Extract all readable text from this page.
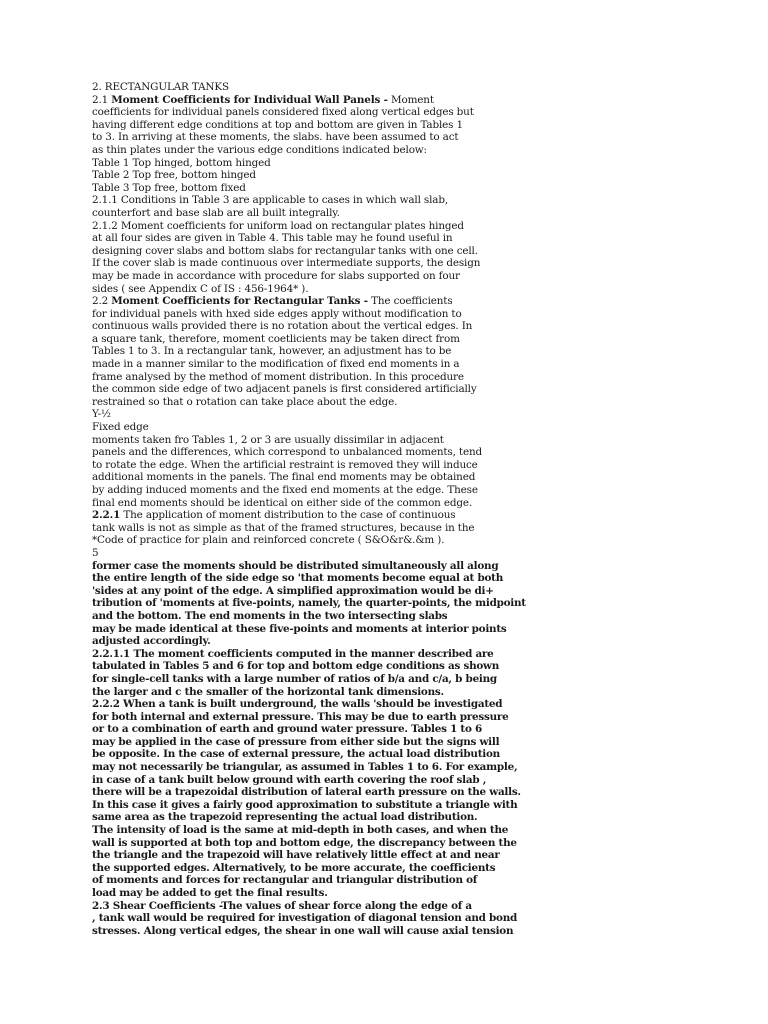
2. RECTANGULAR TANKS
2.1 Moment Coefficients for Individual Wall Panels - Moment
coefficients for individual panels considered fixed along vertical edges but
having different edge conditions at top and bottom are given in Tables 1
to 3. In arriving at these moments, the slabs. have been assumed to act
as thin plates under the various edge conditions indicated below:
Table 1 Top hinged, bottom hinged
Table 2 Top free, bottom hinged
Table 3 Top free, bottom fixed
2.1.1 Conditions in Table 3 are applicable to cases in which wall slab,
counterfort and base slab are all built integrally.
2.1.2 Moment coefficients for uniform load on rectangular plates hinged
at all four sides are given in Table 4. This table may he found useful in
designing cover slabs and bottom slabs for rectangular tanks with one cell.
If the cover slab is made continuous over intermediate supports, the design
may be made in accordance with procedure for slabs supported on four
sides ( see Appendix C of IS : 456-1964* ).
2.2 Moment Coefficients for Rectangular Tanks - The coefficients
for individual panels with hxed side edges apply without modification to
continuous walls provided there is no rotation about the vertical edges. In
a square tank, therefore, moment coetlicients may be taken direct from
Tables 1 to 3. In a rectangular tank, however, an adjustment has to be
made in a manner similar to the modification of fixed end moments in a
frame analysed by the method of moment distribution. In this procedure
the common side edge of two adjacent panels is first considered artificially
restrained so that o rotation can take place about the edge.
Y-½
Fixed edge
moments taken fro Tables 1, 2 or 3 are usually dissimilar in adjacent
panels and the differences, which correspond to unbalanced moments, tend
to rotate the edge. When the artificial restraint is removed they will induce
additional moments in the panels. The final end moments may be obtained
by adding induced moments and the fixed end moments at the edge. These
final end moments should be identical on either side of the common edge.
2.2.1 The application of moment distribution to the case of continuous
tank walls is not as simple as that of the framed structures, because in the
*Code of practice for plain and reinforced concrete ( S&O&r&.&m ).
5
former case the moments should be distributed simultaneously all along
the entire length of the side edge so 'that moments become equal at both
'sides at any point of the edge. A simplified approximation would be di+
tribution of 'moments at five-points, namely, the quarter-points, the midpoint
and the bottom. The end moments in the two intersecting slabs
may be made identical at these five-points and moments at interior points
adjusted accordingly.
2.2.1.1 The moment coefficients computed in the manner described are
tabulated in Tables 5 and 6 for top and bottom edge conditions as shown
for single-cell tanks with a large number of ratios of b/a and c/a, b being
the larger and c the smaller of the horizontal tank dimensions.
2.2.2 When a tank is built underground, the walls 'should be investigated
for both internal and external pressure. This may be due to earth pressure
or to a combination of earth and ground water pressure. Tables 1 to 6
may be applied in the case of pressure from either side but the signs will
be opposite. In the case of external pressure, the actual load distribution
may not necessarily be triangular, as assumed in Tables 1 to 6. For example,
in case of a tank built below ground with earth covering the roof slab ,
there will be a trapezoidal distribution of lateral earth pressure on the walls.
In this case it gives a fairly good approximation to substitute a triangle with
same area as the trapezoid representing the actual load distribution.
The intensity of load is the same at mid-depth in both cases, and when the
wall is supported at both top and bottom edge, the discrepancy between the
the triangle and the trapezoid will have relatively little effect at and near
the supported edges. Alternatively, to be more accurate, the coefficients
of moments and forces for rectangular and triangular distribution of
load may be added to get the final results.
2.3 Shear Coefficients -The values of shear force along the edge of a
, tank wall would be required for investigation of diagonal tension and bond
stresses. Along vertical edges, the shear in one wall will cause axial tension
